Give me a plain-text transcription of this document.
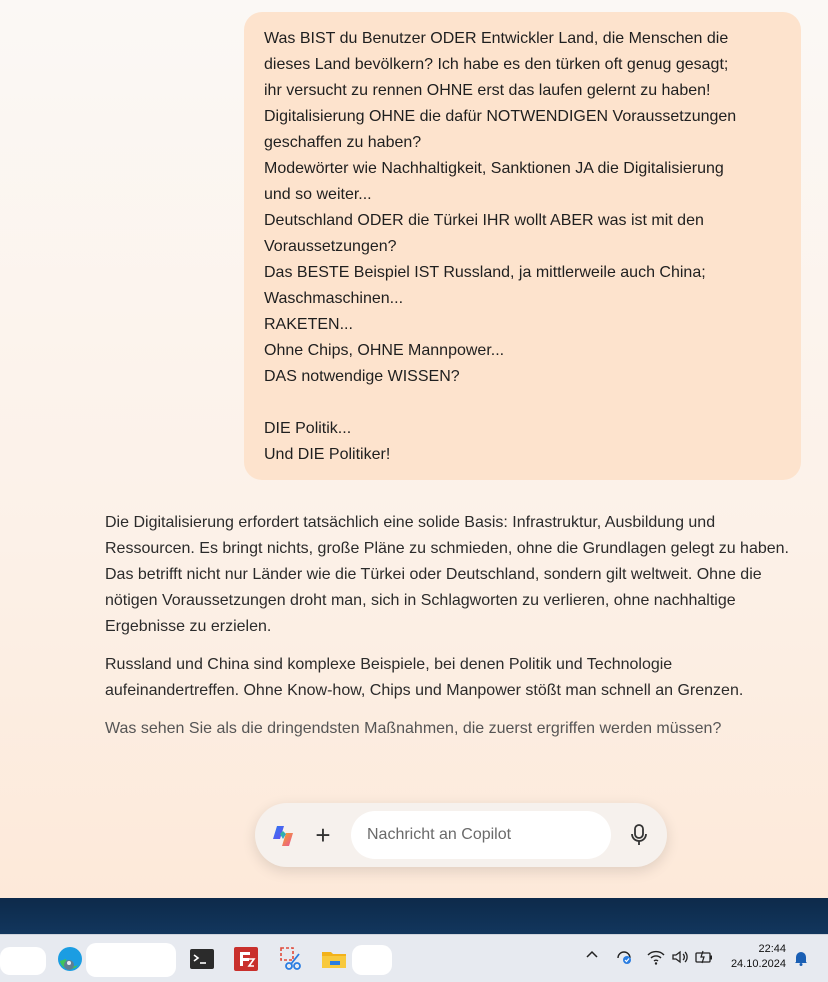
Was BIST du Benutzer ODER Entwickler Land, die Menschen die
dieses Land bevölkern? Ich habe es den türken oft genug gesagt;
ihr versucht zu rennen OHNE erst das laufen gelernt zu haben!
Digitalisierung OHNE die dafür NOTWENDIGEN Voraussetzungen
geschaffen zu haben?
Modewörter wie Nachhaltigkeit, Sanktionen JA die Digitalisierung
und so weiter...
Deutschland ODER die Türkei IHR wollt ABER was ist mit den
Voraussetzungen?
Das BESTE Beispiel IST Russland, ja mittlerweile auch China;
Waschmaschinen...
RAKETEN...
Ohne Chips, OHNE Mannpower...
DAS notwendige WISSEN?
DIE Politik...
Und DIE Politiker!

Die Digitalisierung erfordert tatsächlich eine solide Basis: Infrastruktur, Ausbildung und Ressourcen. Es bringt nichts, große Pläne zu schmieden, ohne die Grundlagen gelegt zu haben. Das betrifft nicht nur Länder wie die Türkei oder Deutschland, sondern gilt weltweit. Ohne die nötigen Voraussetzungen droht man, sich in Schlagworten zu verlieren, ohne nachhaltige Ergebnisse zu erzielen.

Russland und China sind komplexe Beispiele, bei denen Politik und Technologie aufeinandertreffen. Ohne Know-how, Chips und Manpower stößt man schnell an Grenzen.

Was sehen Sie als die dringendsten Maßnahmen, die zuerst ergriffen werden müssen?

+	Nachricht an Copilot
22:44
24.10.2024
